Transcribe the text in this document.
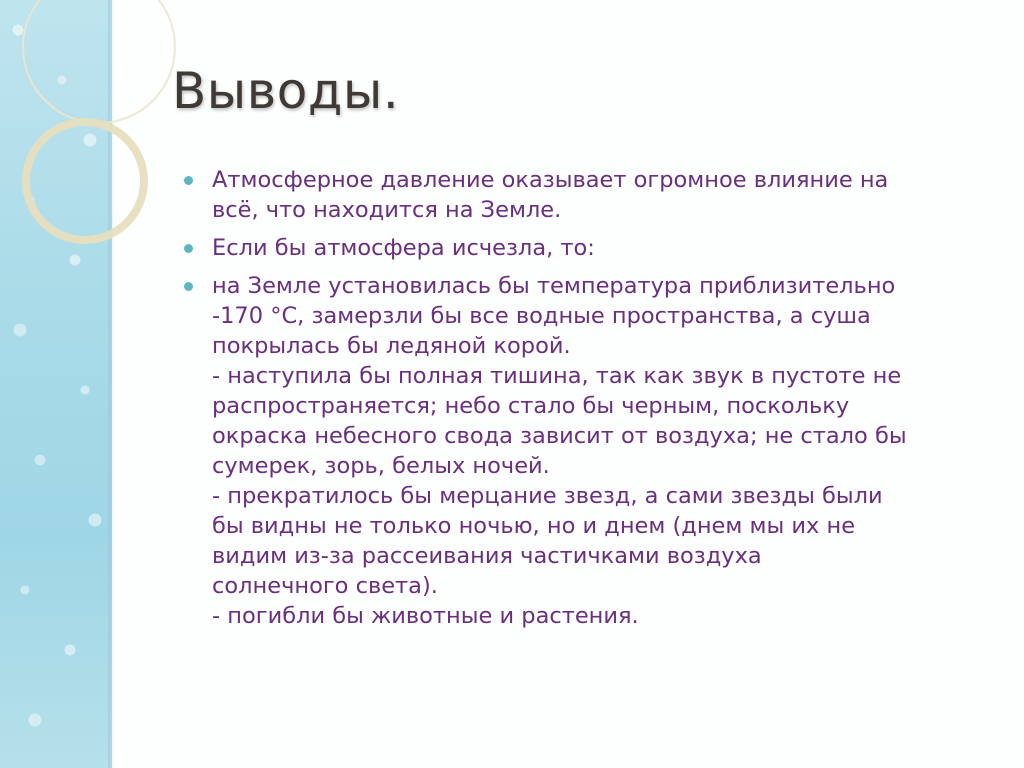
Выводы.
Атмосферное давление оказывает огромное влияние на
всё, что находится на Земле.
Если бы атмосфера исчезла, то:
на Земле установилась бы температура приблизительно
-170 °С, замерзли бы все водные пространства, а суша
покрылась бы ледяной корой.
- наступила бы полная тишина, так как звук в пустоте не
распространяется; небо стало бы черным, поскольку
окраска небесного свода зависит от воздуха; не стало бы
сумерек, зорь, белых ночей.
- прекратилось бы мерцание звезд, а сами звезды были
бы видны не только ночью, но и днем (днем мы их не
видим из-за рассеивания частичками воздуха
солнечного света).
- погибли бы животные и растения.
